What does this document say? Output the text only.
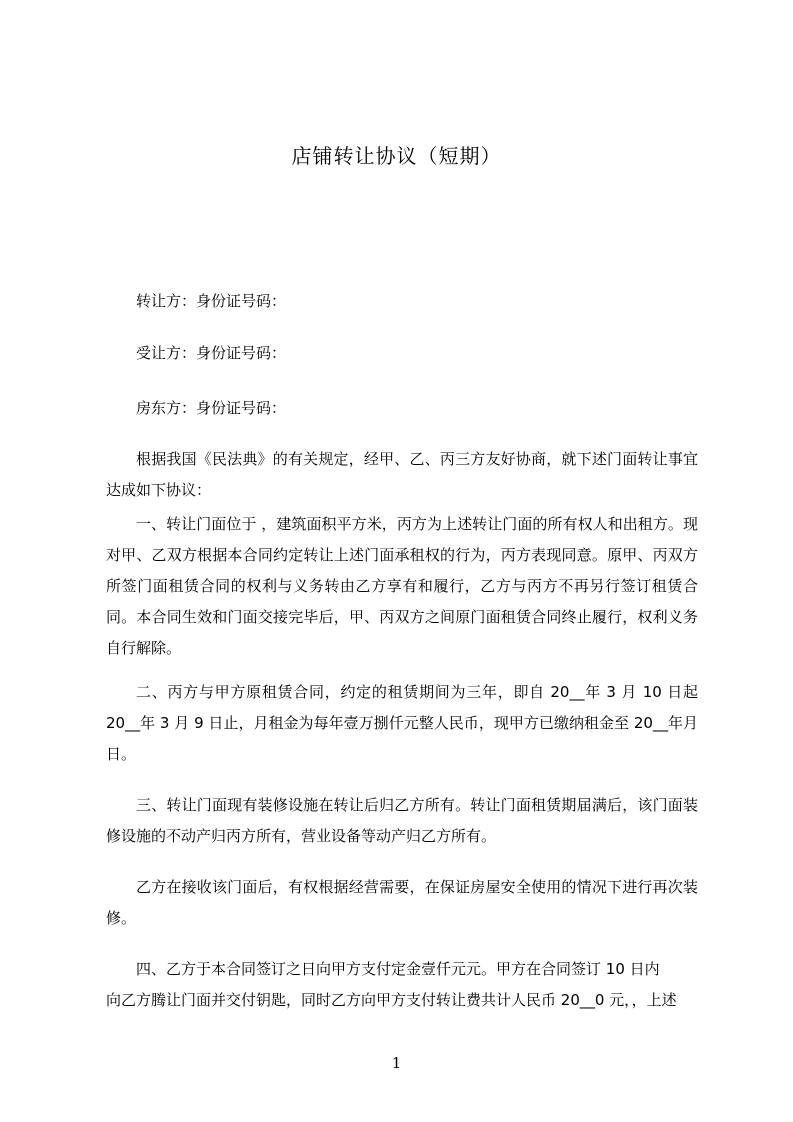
店铺转让协议（短期）
转让方：身份证号码：
受让方：身份证号码：
房东方：身份证号码：
根据我国《民法典》的有关规定，经甲、乙、丙三方友好协商，就下述门面转让事宜达成如下协议：
一、转让门面位于 ，建筑面积平方米，丙方为上述转让门面的所有权人和出租方。现对甲、乙双方根据本合同约定转让上述门面承租权的行为，丙方表现同意。原甲、丙双方所签门面租赁合同的权利与义务转由乙方享有和履行，乙方与丙方不再另行签订租赁合同。本合同生效和门面交接完毕后，甲、丙双方之间原门面租赁合同终止履行，权利义务自行解除。
二、丙方与甲方原租赁合同，约定的租赁期间为三年，即自 20__年 3 月 10 日起 20__年 3 月 9 日止，月租金为每年壹万捌仟元整人民币，现甲方已缴纳租金至 20__年月日。
三、转让门面现有装修设施在转让后归乙方所有。转让门面租赁期届满后，该门面装修设施的不动产归丙方所有，营业设备等动产归乙方所有。
乙方在接收该门面后，有权根据经营需要，在保证房屋安全使用的情况下进行再次装修。
四、乙方于本合同签订之日向甲方支付定金壹仟元元。甲方在合同签订 10 日内
向乙方腾让门面并交付钥匙，同时乙方向甲方支付转让费共计人民币 20__0 元，，上述
1
